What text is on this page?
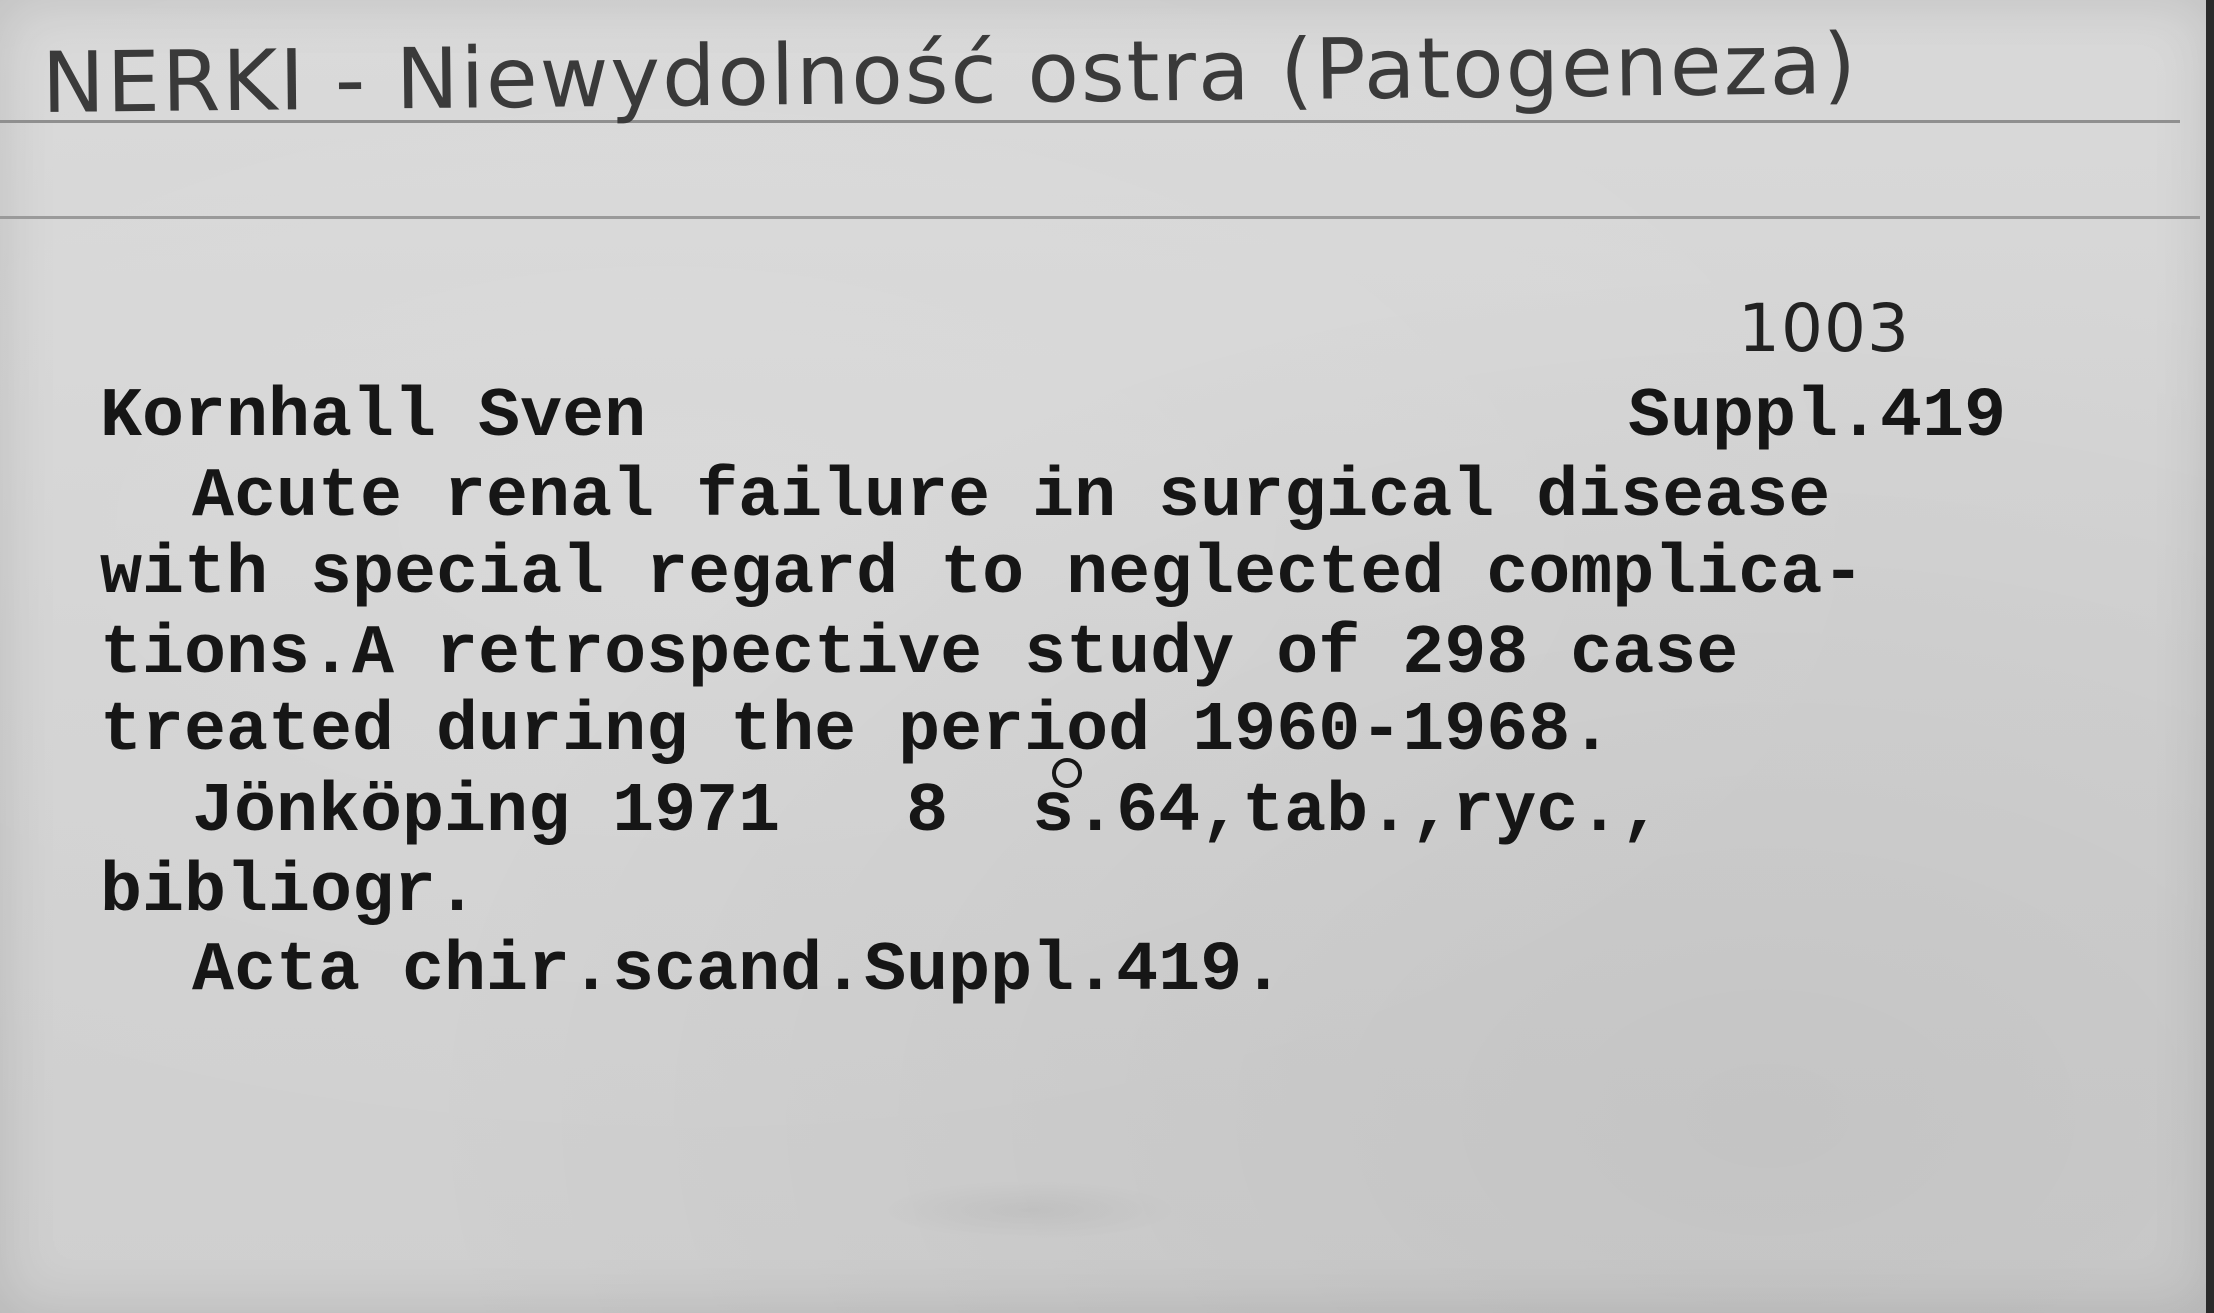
NERKI - Niewydolność ostra (Patogeneza)
1003
Kornhall Sven	Suppl.419
Acute renal failure in surgical disease
with special regard to neglected complica-
tions.A retrospective study of 298 case
treated during the period 1960-1968.
Jönköping 1971   8  s.64,tab.,ryc.,
bibliogr.
Acta chir.scand.Suppl.419.
